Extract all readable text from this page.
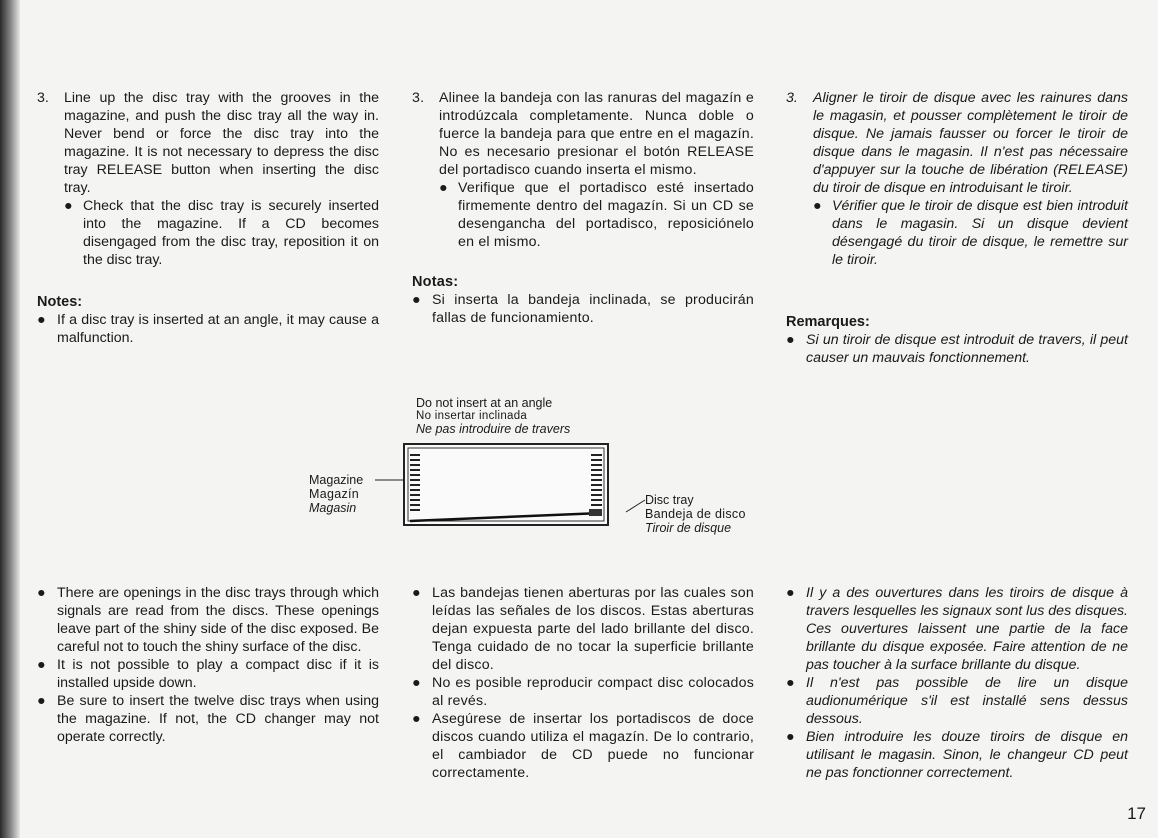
3.	Line up the disc tray with the grooves in the magazine, and push the disc tray all the way in. Never bend or force the disc tray into the magazine. It is not necessary to depress the disc tray RELEASE button when inserting the disc tray.

● Check that the disc tray is securely inserted into the magazine. If a CD becomes disengaged from the disc tray, reposition it on the disc tray.

Notes:

● If a disc tray is inserted at an angle, it may cause a malfunction.

● There are openings in the disc trays through which signals are read from the discs. These openings leave part of the shiny side of the disc exposed. Be careful not to touch the shiny surface of the disc.

● It is not possible to play a compact disc if it is installed upside down.

● Be sure to insert the twelve disc trays when using the magazine. If not, the CD changer may not operate correctly.

3.	Alinee la bandeja con las ranuras del magazín e introdúzcala completamente. Nunca doble o fuerce la bandeja para que entre en el magazín. No es necesario presionar el botón RELEASE del portadisco cuando inserta el mismo.

● Verifique que el portadisco esté insertado firmemente dentro del magazín. Si un CD se desengancha del portadisco, reposiciónelo en el mismo.

Notas:

● Si inserta la bandeja inclinada, se producirán fallas de funcionamiento.

● Las bandejas tienen aberturas por las cuales son leídas las señales de los discos. Estas aberturas dejan expuesta parte del lado brillante del disco. Tenga cuidado de no tocar la superficie brillante del disco.

● No es posible reproducir compact disc colocados al revés.

● Asegúrese de insertar los portadiscos de doce discos cuando utiliza el magazín. De lo contrario, el cambiador de CD puede no funcionar correctamente.

3.	Aligner le tiroir de disque avec les rainures dans le magasin, et pousser complètement le tiroir de disque. Ne jamais fausser ou forcer le tiroir de disque dans le magasin. Il n'est pas nécessaire d'appuyer sur la touche de libération (RELEASE) du tiroir de disque en introduisant le tiroir.

● Vérifier que le tiroir de disque est bien introduit dans le magasin. Si un disque devient désengagé du tiroir de disque, le remettre sur le tiroir.

Remarques:

● Si un tiroir de disque est introduit de travers, il peut causer un mauvais fonctionnement.

● Il y a des ouvertures dans les tiroirs de disque à travers lesquelles les signaux sont lus des disques. Ces ouvertures laissent une partie de la face brillante du disque exposée. Faire attention de ne pas toucher à la surface brillante du disque.

● Il n'est pas possible de lire un disque audionumérique s'il est installé sens dessus dessous.

● Bien introduire les douze tiroirs de disque en utilisant le magasin. Sinon, le changeur CD peut ne pas fonctionner correctement.

Do not insert at an angle
No insertar inclinada
Ne pas introduire de travers
Magazine
Magazín
Magasin
Disc tray
Bandeja de disco
Tiroir de disque
17
